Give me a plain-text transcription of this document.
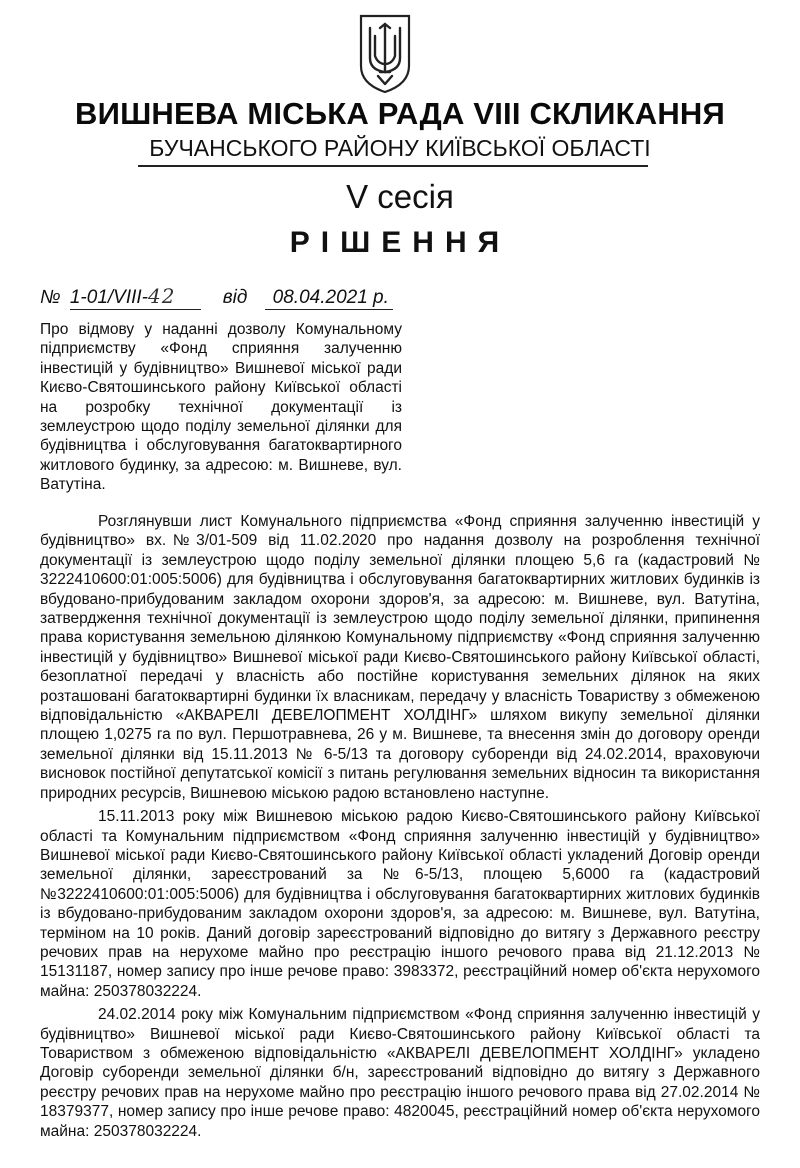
ВИШНЕВА МІСЬКА РАДА VIII СКЛИКАННЯ
БУЧАНСЬКОГО РАЙОНУ КИЇВСЬКОЇ ОБЛАСТІ
V сесія
РІШЕННЯ
№ 1-01/VIII-42 від 08.04.2021 р.
Про відмову у наданні дозволу Комунальному підприємству «Фонд сприяння залученню інвестицій у будівництво» Вишневої міської ради Києво-Святошинського району Київської області на розробку технічної документації із землеустрою щодо поділу земельної ділянки для будівництва і обслуговування багатоквартирного житлового будинку, за адресою: м. Вишневе, вул. Ватутіна.

Розглянувши лист Комунального підприємства «Фонд сприяння залученню інвестицій у будівництво» вх.№3/01-509 від 11.02.2020 про надання дозволу на розроблення технічної документації із землеустрою щодо поділу земельної ділянки площею 5,6 га (кадастровий № 3222410600:01:005:5006) для будівництва і обслуговування багатоквартирних житлових будинків із вбудовано-прибудованим закладом охорони здоров'я, за адресою: м. Вишневе, вул. Ватутіна, затвердження технічної документації із землеустрою щодо поділу земельної ділянки, припинення права користування земельною ділянкою Комунальному підприємству «Фонд сприяння залученню інвестицій у будівництво» Вишневої міської ради Києво-Святошинського району Київської області, безоплатної передачі у власність або постійне користування земельних ділянок на яких розташовані багатоквартирні будинки їх власникам, передачу у власність Товариству з обмеженою відповідальністю «АКВАРЕЛІ ДЕВЕЛОПМЕНТ ХОЛДІНГ» шляхом викупу земельної ділянки площею 1,0275 га по вул. Першотравнева, 26 у м. Вишневе, та внесення змін до договору оренди земельної ділянки від 15.11.2013 № 6-5/13 та договору суборенди від 24.02.2014, враховуючи висновок постійної депутатської комісії з питань регулювання земельних відносин та використання природних ресурсів, Вишневою міською радою встановлено наступне.

15.11.2013 року між Вишневою міською радою Києво-Святошинського району Київської області та Комунальним підприємством «Фонд сприяння залученню інвестицій у будівництво» Вишневої міської ради Києво-Святошинського району Київської області укладений Договір оренди земельної ділянки, зареєстрований за №6-5/13, площею 5,6000 га (кадастровий №3222410600:01:005:5006) для будівництва і обслуговування багатоквартирних житлових будинків із вбудовано-прибудованим закладом охорони здоров'я, за адресою: м. Вишневе, вул. Ватутіна, терміном на 10 років. Даний договір зареєстрований відповідно до витягу з Державного реєстру речових прав на нерухоме майно про реєстрацію іншого речового права від 21.12.2013 № 15131187, номер запису про інше речове право: 3983372, реєстраційний номер об'єкта нерухомого майна: 250378032224.

24.02.2014 року між Комунальним підприємством «Фонд сприяння залученню інвестицій у будівництво» Вишневої міської ради Києво-Святошинського району Київської області та Товариством з обмеженою відповідальністю «АКВАРЕЛІ ДЕВЕЛОПМЕНТ ХОЛДІНГ» укладено Договір суборенди земельної ділянки б/н, зареєстрований відповідно до витягу з Державного реєстру речових прав на нерухоме майно про реєстрацію іншого речового права від 27.02.2014 № 18379377, номер запису про інше речове право: 4820045, реєстраційний номер об'єкта нерухомого майна: 250378032224.
